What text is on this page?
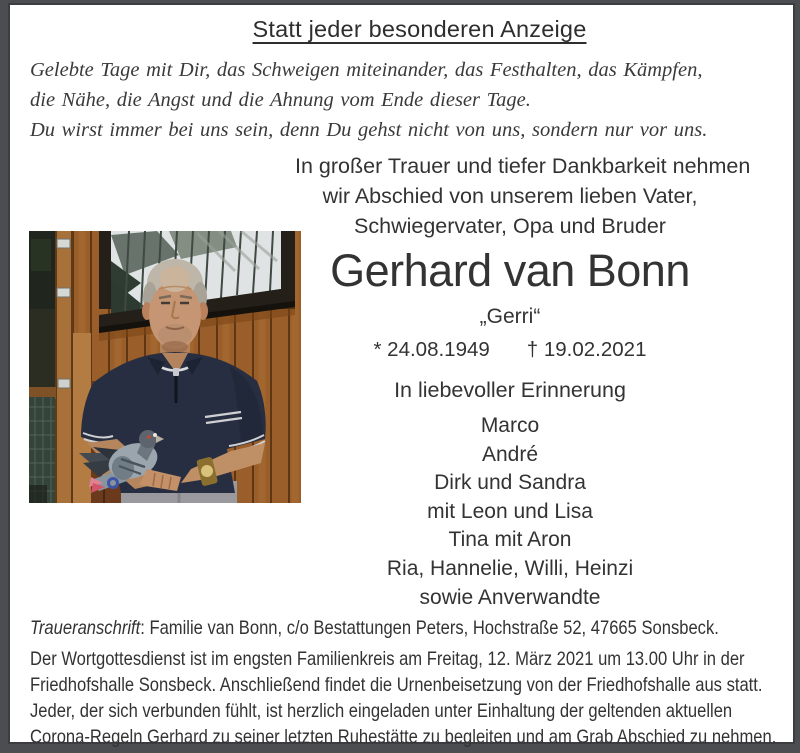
Statt jeder besonderen Anzeige
Gelebte Tage mit Dir, das Schweigen miteinander, das Festhalten, das Kämpfen,
die Nähe, die Angst und die Ahnung vom Ende dieser Tage.
Du wirst immer bei uns sein, denn Du gehst nicht von uns, sondern nur vor uns.
In großer Trauer und tiefer Dankbarkeit nehmen
wir Abschied von unserem lieben Vater,
Schwiegervater, Opa und Bruder
Gerhard van Bonn
„Gerri“
* 24.08.1949 † 19.02.2021
In liebevoller Erinnerung
Marco
André
Dirk und Sandra
mit Leon und Lisa
Tina mit Aron
Ria, Hannelie, Willi, Heinzi
sowie Anverwandte
Traueranschrift: Familie van Bonn, c/o Bestattungen Peters, Hochstraße 52, 47665 Sonsbeck.
Der Wortgottesdienst ist im engsten Familienkreis am Freitag, 12. März 2021 um 13.00 Uhr in der
Friedhofshalle Sonsbeck. Anschließend findet die Urnenbeisetzung von der Friedhofshalle aus statt.
Jeder, der sich verbunden fühlt, ist herzlich eingeladen unter Einhaltung der geltenden aktuellen
Corona-Regeln Gerhard zu seiner letzten Ruhestätte zu begleiten und am Grab Abschied zu nehmen.
